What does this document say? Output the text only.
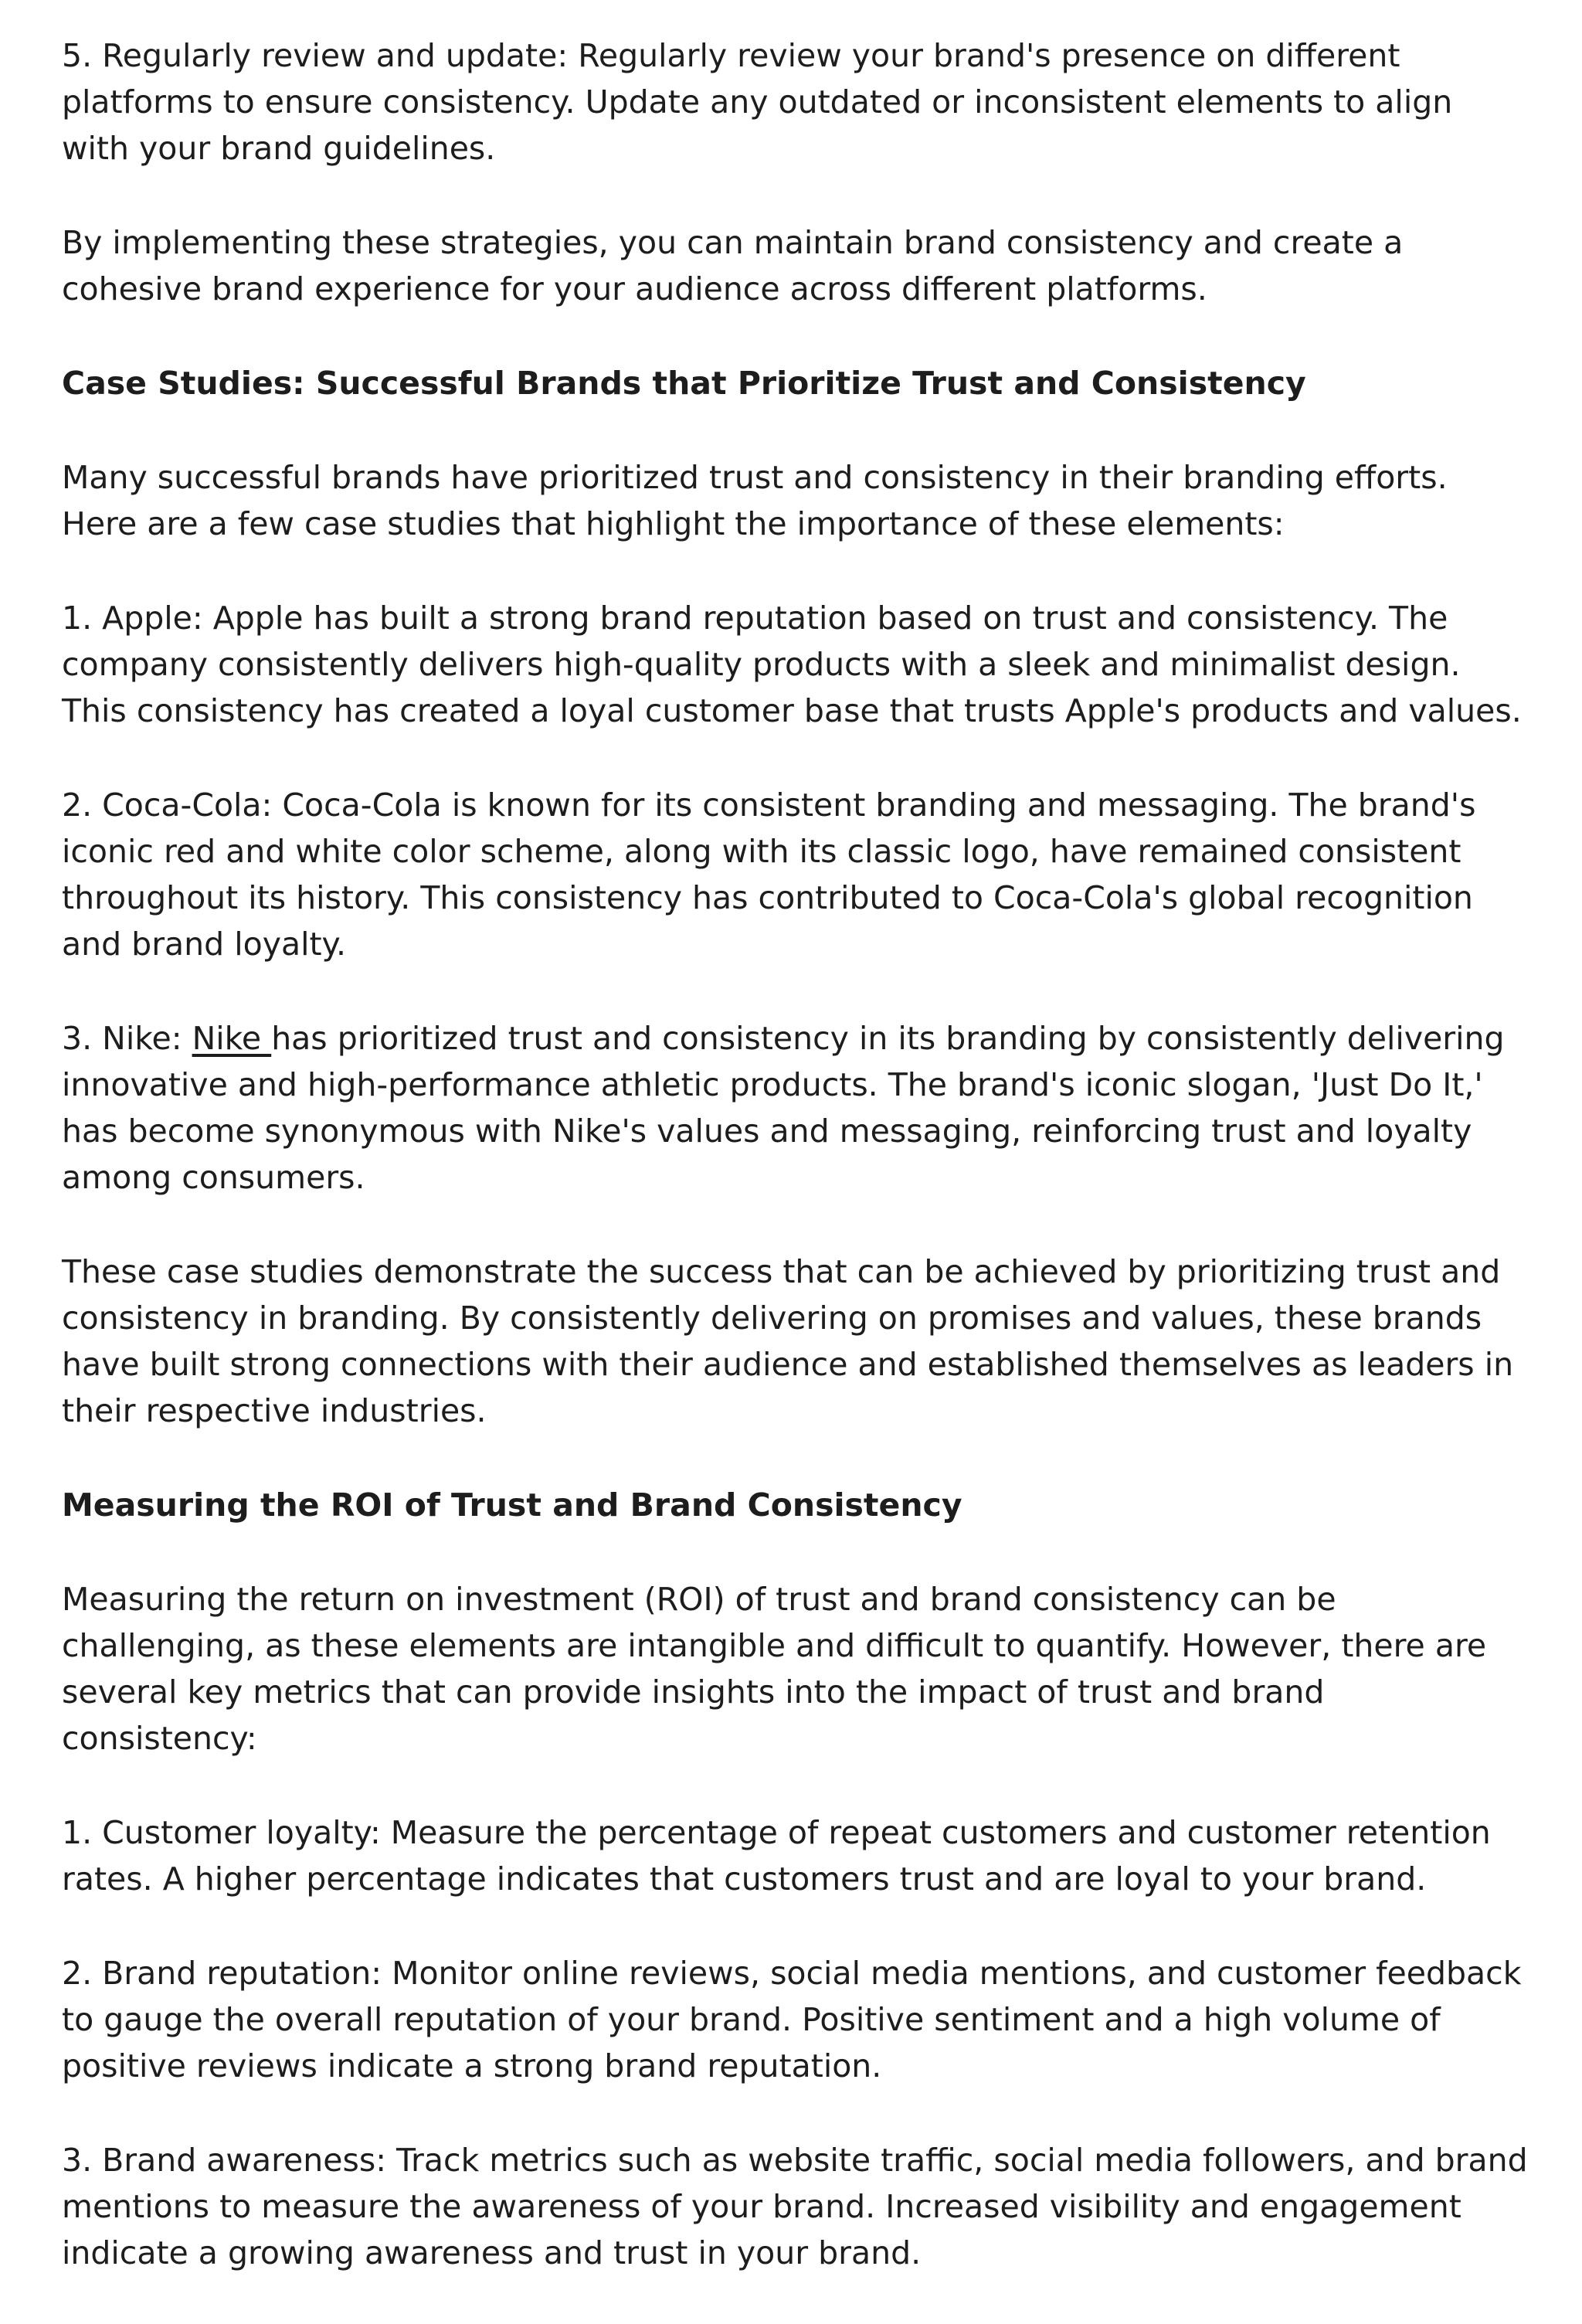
5. Regularly review and update: Regularly review your brand's presence on different platforms to ensure consistency. Update any outdated or inconsistent elements to align with your brand guidelines.

By implementing these strategies, you can maintain brand consistency and create a cohesive brand experience for your audience across different platforms.

Case Studies: Successful Brands that Prioritize Trust and Consistency

Many successful brands have prioritized trust and consistency in their branding efforts. Here are a few case studies that highlight the importance of these elements:

1. Apple: Apple has built a strong brand reputation based on trust and consistency. The company consistently delivers high-quality products with a sleek and minimalist design. This consistency has created a loyal customer base that trusts Apple's products and values.

2. Coca-Cola: Coca-Cola is known for its consistent branding and messaging. The brand's iconic red and white color scheme, along with its classic logo, have remained consistent throughout its history. This consistency has contributed to Coca-Cola's global recognition and brand loyalty.

3. Nike: Nike has prioritized trust and consistency in its branding by consistently delivering innovative and high-performance athletic products. The brand's iconic slogan, 'Just Do It,' has become synonymous with Nike's values and messaging, reinforcing trust and loyalty among consumers.

These case studies demonstrate the success that can be achieved by prioritizing trust and consistency in branding. By consistently delivering on promises and values, these brands have built strong connections with their audience and established themselves as leaders in their respective industries.

Measuring the ROI of Trust and Brand Consistency

Measuring the return on investment (ROI) of trust and brand consistency can be challenging, as these elements are intangible and difficult to quantify. However, there are several key metrics that can provide insights into the impact of trust and brand consistency:

1. Customer loyalty: Measure the percentage of repeat customers and customer retention rates. A higher percentage indicates that customers trust and are loyal to your brand.

2. Brand reputation: Monitor online reviews, social media mentions, and customer feedback to gauge the overall reputation of your brand. Positive sentiment and a high volume of positive reviews indicate a strong brand reputation.

3. Brand awareness: Track metrics such as website traffic, social media followers, and brand mentions to measure the awareness of your brand. Increased visibility and engagement indicate a growing awareness and trust in your brand.
